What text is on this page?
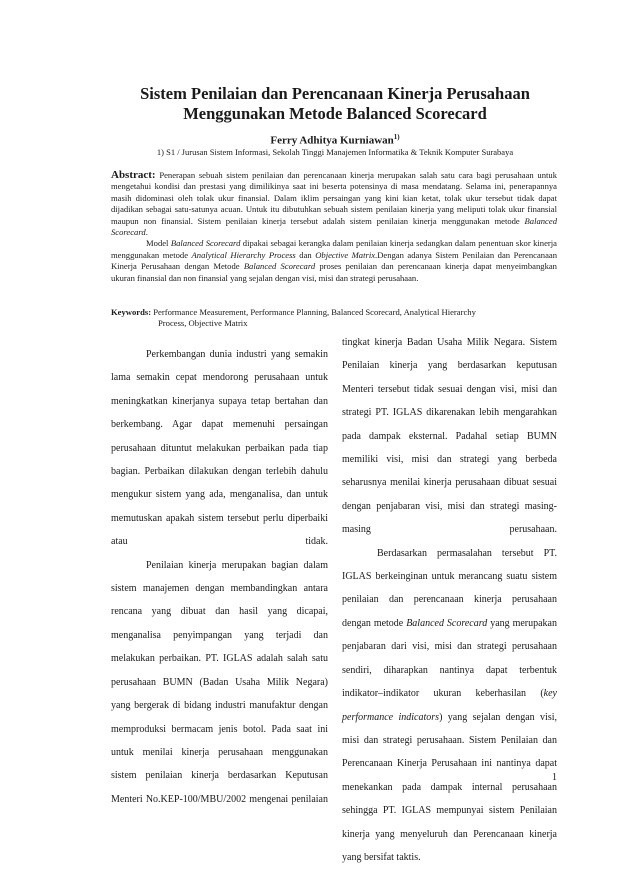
Sistem Penilaian dan Perencanaan Kinerja Perusahaan
Menggunakan Metode Balanced Scorecard
Ferry Adhitya Kurniawan$^{1)}$
1) S1 / Jurusan Sistem Informasi, Sekolah Tinggi Manajemen Informatika & Teknik Komputer Surabaya

Abstract: Penerapan sebuah sistem penilaian dan perencanaan kinerja merupakan salah satu cara bagi perusahaan untuk mengetahui kondisi dan prestasi yang dimilikinya saat ini beserta potensinya di masa mendatang. Selama ini, penerapannya masih didominasi oleh tolak ukur finansial. Dalam iklim persaingan yang kini kian ketat, tolak ukur tersebut tidak dapat dijadikan sebagai satu-satunya acuan. Untuk itu dibutuhkan sebuah sistem penilaian kinerja yang meliputi tolak ukur finansial maupun non finansial. Sistem penilaian kinerja tersebut adalah sistem penilaian kinerja menggunakan metode Balanced Scorecard.

Model Balanced Scorecard dipakai sebagai kerangka dalam penilaian kinerja sedangkan dalam penentuan skor kinerja menggunakan metode Analytical Hierarchy Process dan Objective Matrix.Dengan adanya Sistem Penilaian dan Perencanaan Kinerja Perusahaan dengan Metode Balanced Scorecard proses penilaian dan perencanaan kinerja dapat menyeimbangkan ukuran finansial dan non finansial yang sejalan dengan visi, misi dan strategi perusahaan.

Keywords: Performance Measurement, Performance Planning, Balanced Scorecard, Analytical Hierarchy
Process, Objective Matrix

Perkembangan dunia industri yang semakin lama semakin cepat mendorong perusahaan untuk meningkatkan kinerjanya supaya tetap bertahan dan berkembang. Agar dapat memenuhi persaingan perusahaan dituntut melakukan perbaikan pada tiap bagian. Perbaikan dilakukan dengan terlebih dahulu mengukur sistem yang ada, menganalisa, dan untuk memutuskan apakah sistem tersebut perlu diperbaiki atau tidak.

Penilaian kinerja merupakan bagian dalam sistem manajemen dengan membandingkan antara rencana yang dibuat dan hasil yang dicapai, menganalisa penyimpangan yang terjadi dan melakukan perbaikan. PT. IGLAS adalah salah satu perusahaan BUMN (Badan Usaha Milik Negara) yang bergerak di bidang industri manufaktur dengan memproduksi bermacam jenis botol. Pada saat ini untuk menilai kinerja perusahaan menggunakan sistem penilaian kinerja berdasarkan Keputusan Menteri No.KEP-100/MBU/2002 mengenai penilaian

tingkat kinerja Badan Usaha Milik Negara. Sistem Penilaian kinerja yang berdasarkan keputusan Menteri tersebut tidak sesuai dengan visi, misi dan strategi PT. IGLAS dikarenakan lebih mengarahkan pada dampak eksternal. Padahal setiap BUMN memiliki visi, misi dan strategi yang berbeda seharusnya menilai kinerja perusahaan dibuat sesuai dengan penjabaran visi, misi dan strategi masing- masing perusahaan.

Berdasarkan permasalahan tersebut PT. IGLAS berkeinginan untuk merancang suatu sistem penilaian dan perencanaan kinerja perusahaan dengan metode Balanced Scorecard yang merupakan penjabaran dari visi, misi dan strategi perusahaan sendiri, diharapkan nantinya dapat terbentuk indikator–indikator ukuran keberhasilan (key performance indicators) yang sejalan dengan visi, misi dan strategi perusahaan. Sistem Penilaian dan Perencanaan Kinerja Perusahaan ini nantinya dapat menekankan pada dampak internal perusahaan sehingga PT. IGLAS mempunyai sistem Penilaian kinerja yang menyeluruh dan Perencanaan kinerja yang bersifat taktis.

1
